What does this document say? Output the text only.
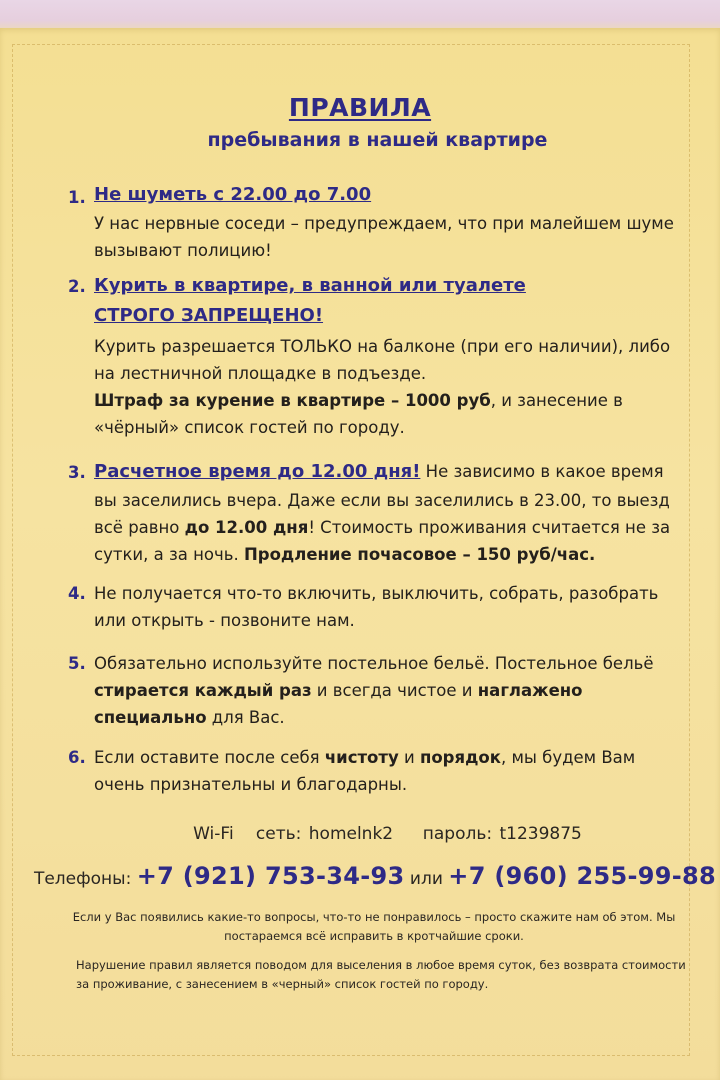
ПРАВИЛА
пребывания в нашей квартире
1. Не шуметь с 22.00 до 7.00
У нас нервные соседи – предупреждаем, что при малейшем шуме вызывают полицию!
2. Курить в квартире, в ванной или туалете СТРОГО ЗАПРЕЩЕНО!
Курить разрешается ТОЛЬКО на балконе (при его наличии), либо на лестничной площадке в подъезде.
Штраф за курение в квартире – 1000 руб, и занесение в «чёрный» список гостей по городу.
3. Расчетное время до 12.00 дня! Не зависимо в какое время вы заселились вчера. Даже если вы заселились в 23.00, то выезд всё равно до 12.00 дня! Стоимость проживания считается не за сутки, а за ночь. Продление почасовое – 150 руб/час.
4. Не получается что-то включить, выключить, собрать, разобрать или открыть - позвоните нам.
5. Обязательно используйте постельное бельё. Постельное бельё стирается каждый раз и всегда чистое и наглажено специально для Вас.
6. Если оставите после себя чистоту и порядок, мы будем Вам очень признательны и благодарны.
Wi-Fi сеть: homelnk2 пароль: t1239875
Телефоны: +7 (921) 753-34-93 или +7 (960) 255-99-88
Если у Вас появились какие-то вопросы, что-то не понравилось – просто скажите нам об этом. Мы постараемся всё исправить в кротчайшие сроки.
Нарушение правил является поводом для выселения в любое время суток, без возврата стоимости за проживание, с занесением в «черный» список гостей по городу.
